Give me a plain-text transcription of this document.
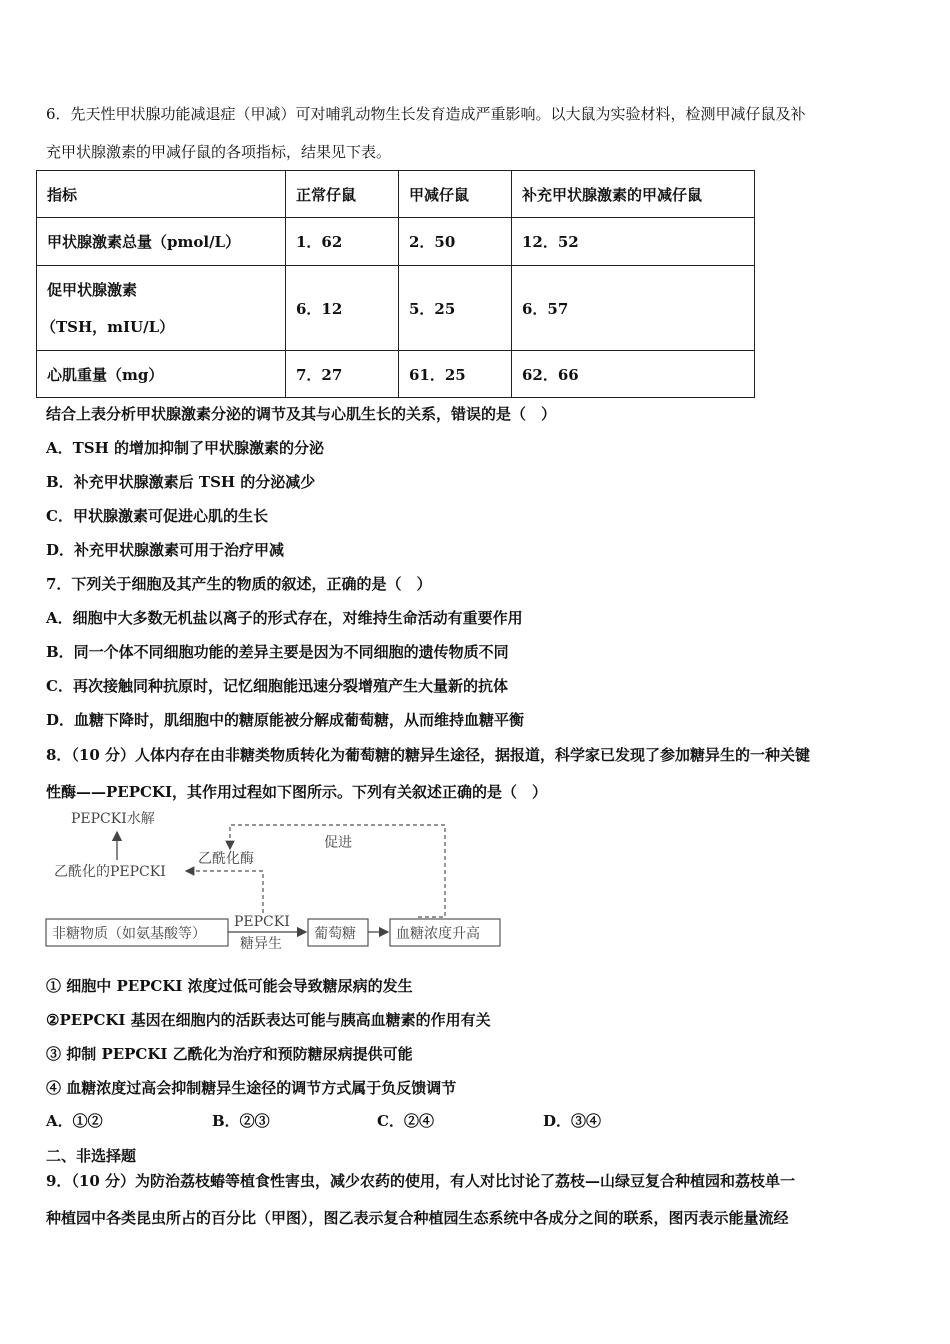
6．先天性甲状腺功能减退症（甲减）可对哺乳动物生长发育造成严重影响。以大鼠为实验材料，检测甲减仔鼠及补
充甲状腺激素的甲减仔鼠的各项指标，结果见下表。
指标	正常仔鼠	甲减仔鼠	补充甲状腺激素的甲减仔鼠
甲状腺激素总量（pmol/L）	1．62	2．50	12．52

促甲状腺激素
（TSH，mIU/L）	6．12	5．25	6．57
心肌重量（mg）	7．27	61．25	62．66
结合上表分析甲状腺激素分泌的调节及其与心肌生长的关系，错误的是（　）
A．TSH 的增加抑制了甲状腺激素的分泌
B．补充甲状腺激素后 TSH 的分泌减少
C．甲状腺激素可促进心肌的生长
D．补充甲状腺激素可用于治疗甲减
7．下列关于细胞及其产生的物质的叙述，正确的是（　）
A．细胞中大多数无机盐以离子的形式存在，对维持生命活动有重要作用
B．同一个体不同细胞功能的差异主要是因为不同细胞的遗传物质不同
C．再次接触同种抗原时，记忆细胞能迅速分裂增殖产生大量新的抗体
D．血糖下降时，肌细胞中的糖原能被分解成葡萄糖，从而维持血糖平衡
8．（10 分）人体内存在由非糖类物质转化为葡萄糖的糖异生途径，据报道，科学家已发现了参加糖异生的一种关键
性酶——PEPCKI，其作用过程如下图所示。下列有关叙述正确的是（　）
PEPCKI水解
乙酰化的PEPCKI
乙酰化酶
促进
非糖物质（如氨基酸等）
PEPCKI
糖异生
葡萄糖	血糖浓度升高
① 细胞中 PEPCKI 浓度过低可能会导致糖尿病的发生
②PEPCKI 基因在细胞内的活跃表达可能与胰高血糖素的作用有关
③ 抑制 PEPCKI 乙酰化为治疗和预防糖尿病提供可能
④ 血糖浓度过高会抑制糖异生途径的调节方式属于负反馈调节
A．①②	B．②③	C．②④	D．③④
二、非选择题
9．（10 分）为防治荔枝蝽等植食性害虫，减少农药的使用，有人对比讨论了荔枝—山绿豆复合种植园和荔枝单一
种植园中各类昆虫所占的百分比（甲图），图乙表示复合种植园生态系统中各成分之间的联系，图丙表示能量流经
